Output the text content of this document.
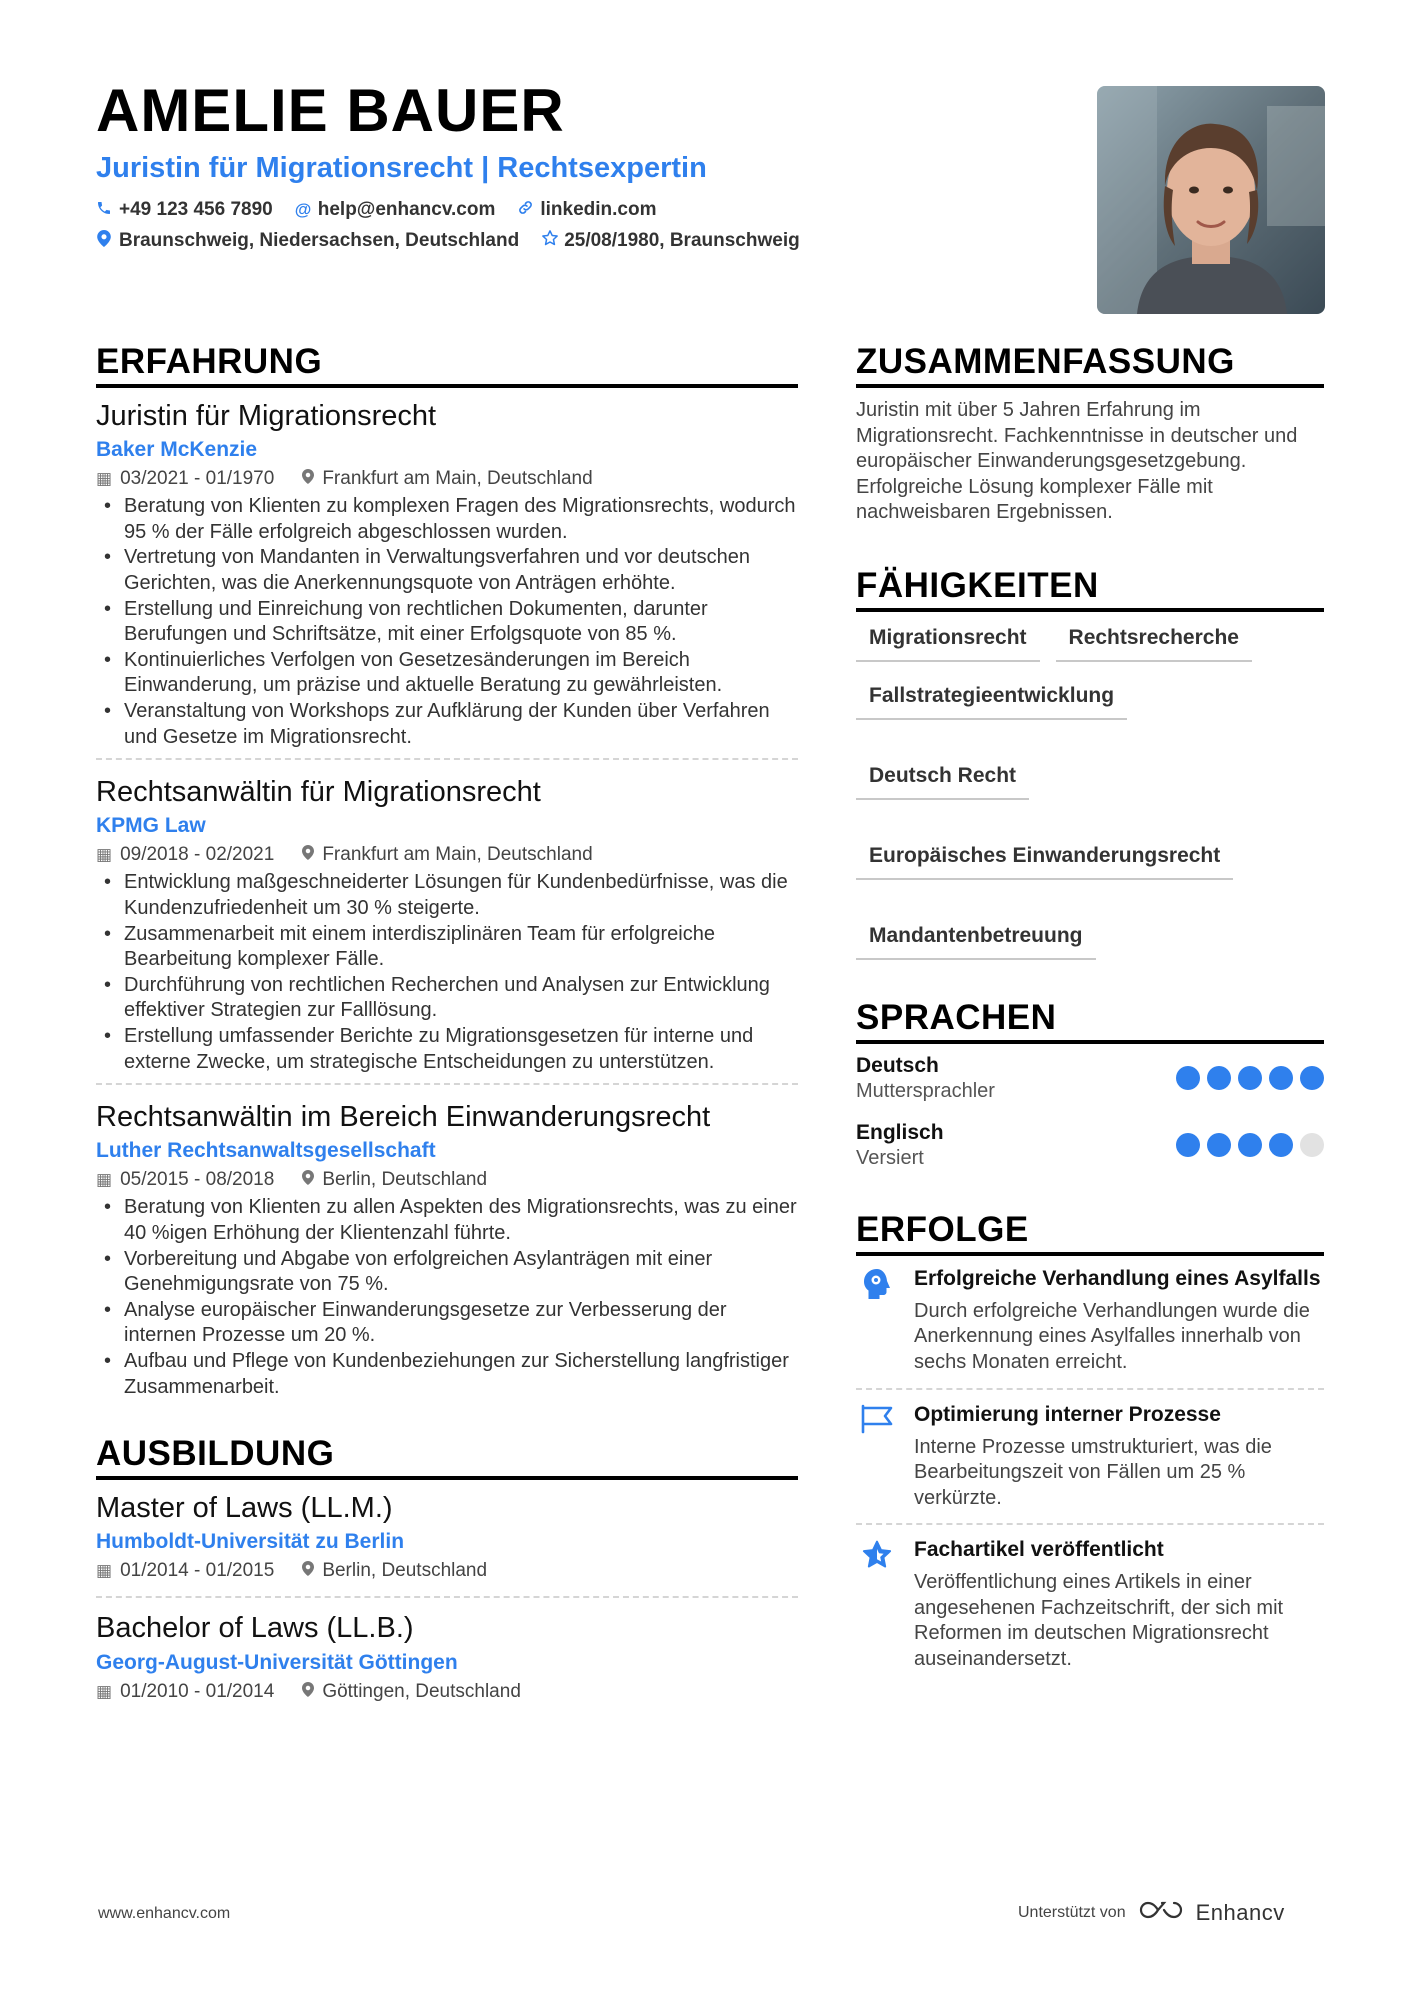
AMELIE BAUER
Juristin für Migrationsrecht | Rechtsexpertin
+49 123 456 7890 @ help@enhancv.com linkedin.com
Braunschweig, Niedersachsen, Deutschland 25/08/1980, Braunschweig
ERFAHRUNG
Juristin für Migrationsrecht
Baker McKenzie
▦ 03/2021 - 01/1970	Frankfurt am Main, Deutschland
• Beratung von Klienten zu komplexen Fragen des Migrationsrechts, wodurch 95 % der Fälle erfolgreich abgeschlossen wurden.
• Vertretung von Mandanten in Verwaltungsverfahren und vor deutschen Gerichten, was die Anerkennungsquote von Anträgen erhöhte.
• Erstellung und Einreichung von rechtlichen Dokumenten, darunter Berufungen und Schriftsätze, mit einer Erfolgsquote von 85 %.
• Kontinuierliches Verfolgen von Gesetzesänderungen im Bereich Einwanderung, um präzise und aktuelle Beratung zu gewährleisten.
• Veranstaltung von Workshops zur Aufklärung der Kunden über Verfahren und Gesetze im Migrationsrecht.
Rechtsanwältin für Migrationsrecht
KPMG Law
▦ 09/2018 - 02/2021	Frankfurt am Main, Deutschland
• Entwicklung maßgeschneiderter Lösungen für Kundenbedürfnisse, was die Kundenzufriedenheit um 30 % steigerte.
• Zusammenarbeit mit einem interdisziplinären Team für erfolgreiche Bearbeitung komplexer Fälle.
• Durchführung von rechtlichen Recherchen und Analysen zur Entwicklung effektiver Strategien zur Falllösung.
• Erstellung umfassender Berichte zu Migrationsgesetzen für interne und externe Zwecke, um strategische Entscheidungen zu unterstützen.
Rechtsanwältin im Bereich Einwanderungsrecht
Luther Rechtsanwaltsgesellschaft
▦ 05/2015 - 08/2018	Berlin, Deutschland
• Beratung von Klienten zu allen Aspekten des Migrationsrechts, was zu einer 40 %igen Erhöhung der Klientenzahl führte.
• Vorbereitung und Abgabe von erfolgreichen Asylanträgen mit einer Genehmigungsrate von 75 %.
• Analyse europäischer Einwanderungsgesetze zur Verbesserung der internen Prozesse um 20 %.
• Aufbau und Pflege von Kundenbeziehungen zur Sicherstellung langfristiger Zusammenarbeit.
AUSBILDUNG
Master of Laws (LL.M.)
Humboldt-Universität zu Berlin
▦ 01/2014 - 01/2015	Berlin, Deutschland
Bachelor of Laws (LL.B.)
Georg-August-Universität Göttingen
▦ 01/2010 - 01/2014	Göttingen, Deutschland
ZUSAMMENFASSUNG
Juristin mit über 5 Jahren Erfahrung im Migrationsrecht. Fachkenntnisse in deutscher und europäischer Einwanderungsgesetzgebung. Erfolgreiche Lösung komplexer Fälle mit nachweisbaren Ergebnissen.
FÄHIGKEITEN
Migrationsrecht	Rechtsrecherche
Fallstrategieentwicklung
Deutsch Recht
Europäisches Einwanderungsrecht
Mandantenbetreuung
SPRACHEN
Deutsch
Muttersprachler
Englisch
Versiert
ERFOLGE
Erfolgreiche Verhandlung eines Asylfalls
Durch erfolgreiche Verhandlungen wurde die Anerkennung eines Asylfalles innerhalb von sechs Monaten erreicht.
Optimierung interner Prozesse
Interne Prozesse umstrukturiert, was die Bearbeitungszeit von Fällen um 25 % verkürzte.
Fachartikel veröffentlicht
Veröffentlichung eines Artikels in einer angesehenen Fachzeitschrift, der sich mit Reformen im deutschen Migrationsrecht auseinandersetzt.
www.enhancv.com	Unterstützt von	Enhancv
